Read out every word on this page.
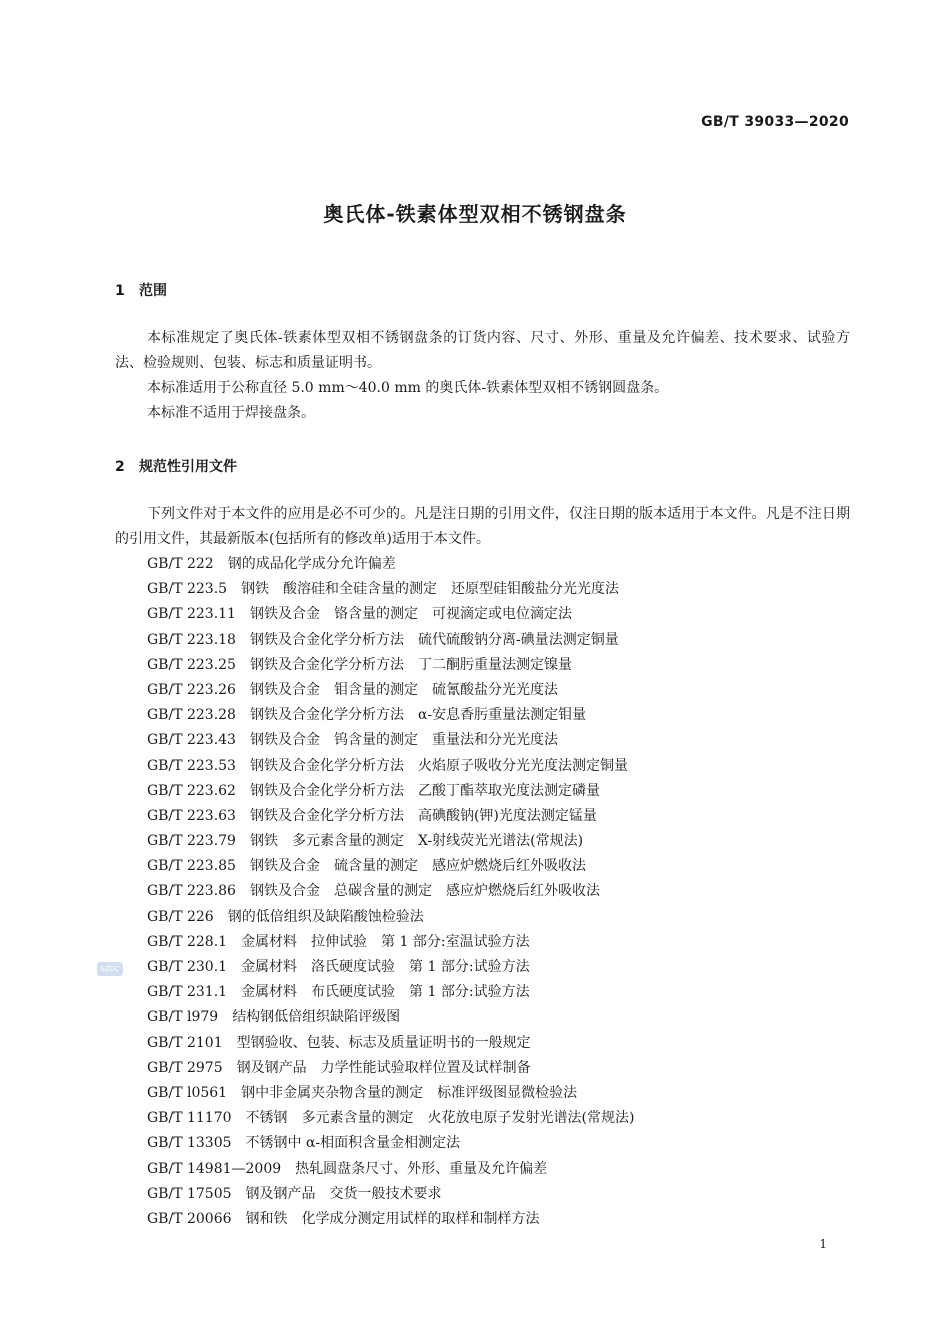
GB/T 39033—2020
奥氏体-铁素体型双相不锈钢盘条
1 范围
本标准规定了奥氏体-铁素体型双相不锈钢盘条的订货内容、尺寸、外形、重量及允许偏差、技术要求、试验方法、检验规则、包装、标志和质量证明书。
本标准适用于公称直径 5.0 mm～40.0 mm 的奥氏体-铁素体型双相不锈钢圆盘条。
本标准不适用于焊接盘条。
2 规范性引用文件
下列文件对于本文件的应用是必不可少的。凡是注日期的引用文件，仅注日期的版本适用于本文件。凡是不注日期的引用文件，其最新版本(包括所有的修改单)适用于本文件。
GB/T 222 钢的成品化学成分允许偏差
GB/T 223.5 钢铁　酸溶硅和全硅含量的测定　还原型硅钼酸盐分光光度法
GB/T 223.11 钢铁及合金　铬含量的测定　可视滴定或电位滴定法
GB/T 223.18 钢铁及合金化学分析方法　硫代硫酸钠分离-碘量法测定铜量
GB/T 223.25 钢铁及合金化学分析方法　丁二酮肟重量法测定镍量
GB/T 223.26 钢铁及合金　钼含量的测定　硫氰酸盐分光光度法
GB/T 223.28 钢铁及合金化学分析方法　α-安息香肟重量法测定钼量
GB/T 223.43 钢铁及合金　钨含量的测定　重量法和分光光度法
GB/T 223.53 钢铁及合金化学分析方法　火焰原子吸收分光光度法测定铜量
GB/T 223.62 钢铁及合金化学分析方法　乙酸丁酯萃取光度法测定磷量
GB/T 223.63 钢铁及合金化学分析方法　高碘酸钠(钾)光度法测定锰量
GB/T 223.79 钢铁　多元素含量的测定　X-射线荧光光谱法(常规法)
GB/T 223.85 钢铁及合金　硫含量的测定　感应炉燃烧后红外吸收法
GB/T 223.86 钢铁及合金　总碳含量的测定　感应炉燃烧后红外吸收法
GB/T 226 钢的低倍组织及缺陷酸蚀检验法
GB/T 228.1 金属材料　拉伸试验　第 1 部分:室温试验方法
GB/T 230.1 金属材料　洛氏硬度试验　第 1 部分:试验方法
GB/T 231.1 金属材料　布氏硬度试验　第 1 部分:试验方法
GB/T l979 结构钢低倍组织缺陷评级图
GB/T 2101 型钢验收、包装、标志及质量证明书的一般规定
GB/T 2975 钢及钢产品　力学性能试验取样位置及试样制备
GB/T l0561 钢中非金属夹杂物含量的测定　标准评级图显微检验法
GB/T 11170 不锈钢　多元素含量的测定　火花放电原子发射光谱法(常规法)
GB/T 13305 不锈钢中 α-相面积含量金相测定法
GB/T 14981—2009 热轧圆盘条尺寸、外形、重量及允许偏差
GB/T 17505 钢及钢产品　交货一般技术要求
GB/T 20066 钢和铁　化学成分测定用试样的取样和制样方法
SZDC
1
